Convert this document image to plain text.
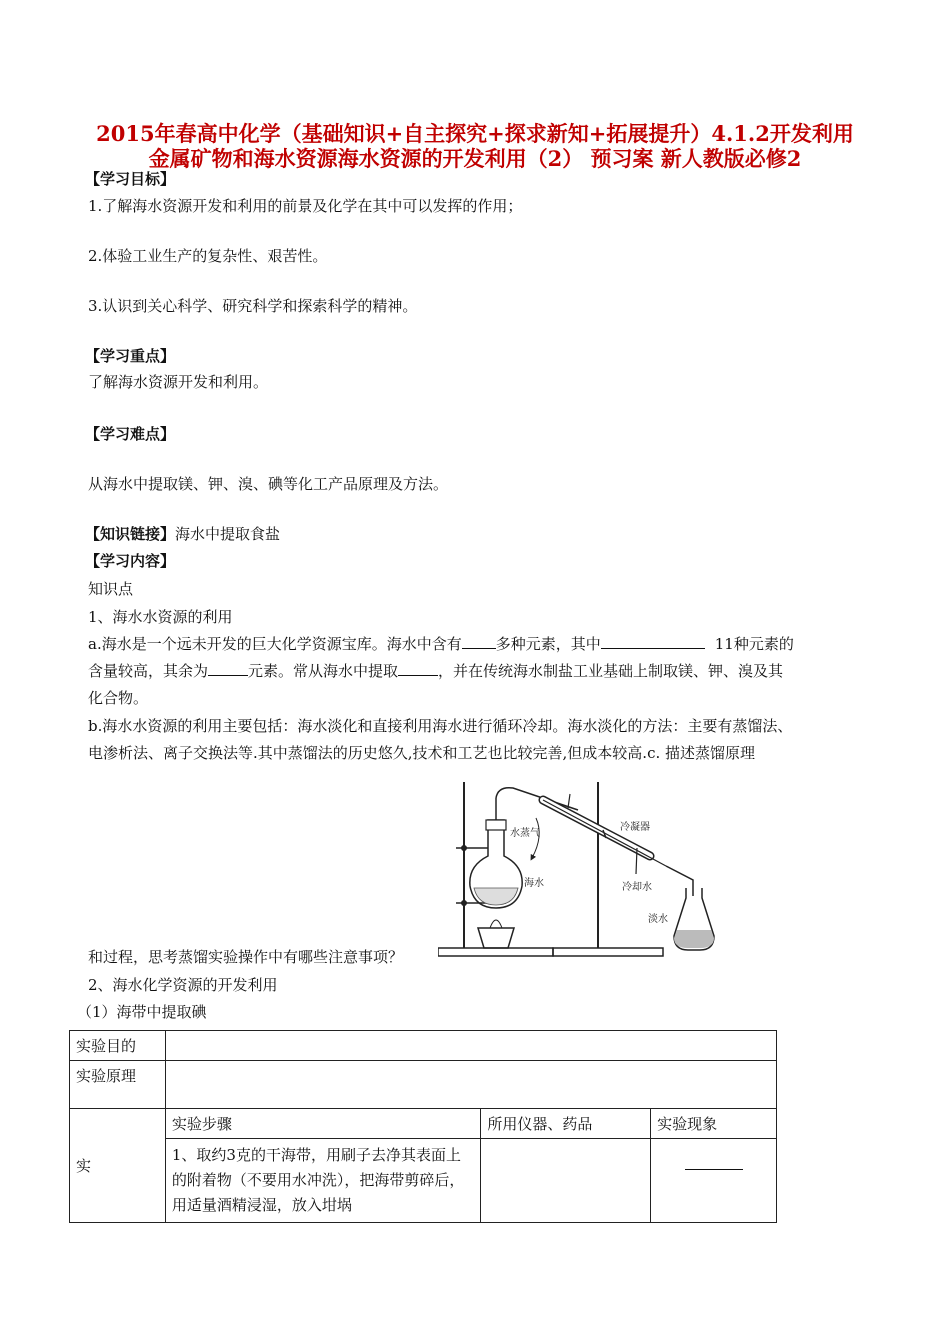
2015年春高中化学（基础知识+自主探究+探求新知+拓展提升）4.1.2开发利用
金属矿物和海水资源海水资源的开发利用（2） 预习案 新人教版必修2
【学习目标】
1.了解海水资源开发和利用的前景及化学在其中可以发挥的作用；
2.体验工业生产的复杂性、艰苦性。
3.认识到关心科学、研究科学和探索科学的精神。
【学习重点】
了解海水资源开发和利用。
【学习难点】
从海水中提取镁、钾、溴、碘等化工产品原理及方法。
【知识链接】海水中提取食盐
【学习内容】
知识点
1、海水水资源的利用
a.海水是一个远未开发的巨大化学资源宝库。海水中含有 多种元素，其中	11种元素的
含量较高，其余为	元素。常从海水中提取	，并在传统海水制盐工业基础上制取镁、钾、溴及其
化合物。
b.海水水资源的利用主要包括：海水淡化和直接利用海水进行循环冷却。海水淡化的方法：主要有蒸馏法、
电渗析法、离子交换法等.其中蒸馏法的历史悠久,技术和工艺也比较完善,但成本较高.c. 描述蒸馏原理
水蒸气
冷凝器
海水	冷却水
淡水
和过程，思考蒸馏实验操作中有哪些注意事项？
2、海水化学资源的开发利用
（1）海带中提取碘
实验目的			
实验原理			
实	实验步骤	所用仪器、药品	实验现象
	1、取约3克的干海带，用刷子去净其表面上的附着物（不要用水冲洗），把海带剪碎后，用适量酒精浸湿，放入坩埚		
